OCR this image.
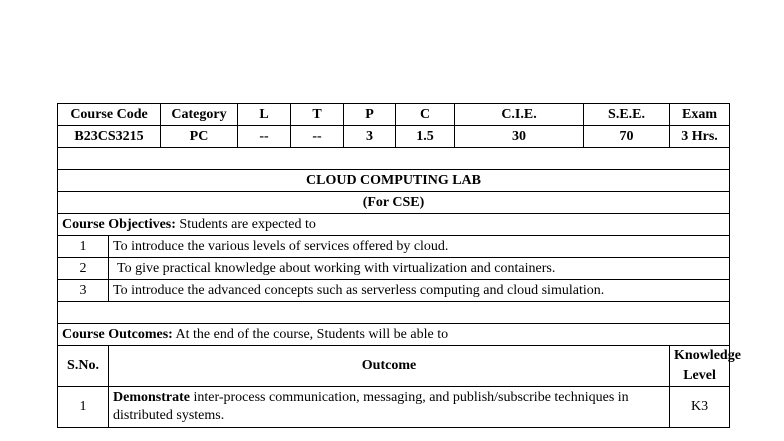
Course Code		Category	L	T	P	C	C.I.E.	S.E.E.	Exam
B23CS3215		PC	--	--	3	1.5	30	70	3 Hrs.

CLOUD COMPUTING LAB									
(For CSE)									
Course Objectives: Students are expected to									
1	To introduce the various levels of services offered by cloud.								
2	To give practical knowledge about working with virtualization and containers.								
3	To introduce the advanced concepts such as serverless computing and cloud simulation.								

Course Outcomes: At the end of the course, Students will be able to									
S.No.	Outcome								Knowledge
Level
1	Demonstrate inter-process communication, messaging, and publish/subscribe techniques in distributed systems.								K3
